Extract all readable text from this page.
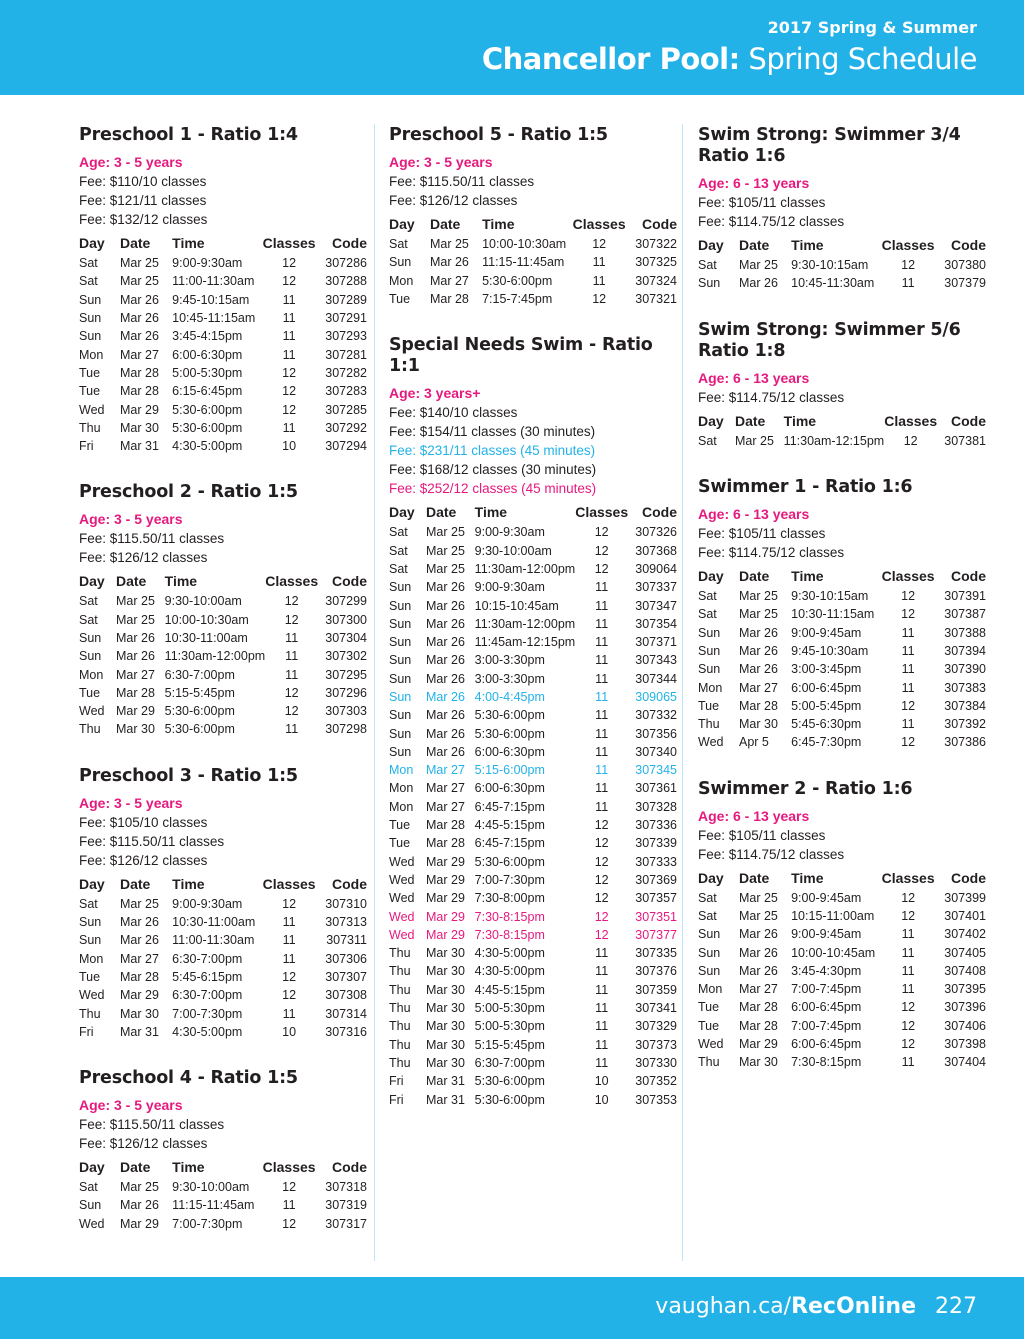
2017 Spring & Summer
Chancellor Pool: Spring Schedule
Preschool 1 - Ratio 1:4
Age: 3 - 5 years
Fee: $110/10 classes
Fee: $121/11 classes
Fee: $132/12 classes
Day	Date	Time	Classes	Code
Sat	Mar 25	9:00-9:30am	12	307286
Sat	Mar 25	11:00-11:30am	12	307288
Sun	Mar 26	9:45-10:15am	11	307289
Sun	Mar 26	10:45-11:15am	11	307291
Sun	Mar 26	3:45-4:15pm	11	307293
Mon	Mar 27	6:00-6:30pm	11	307281
Tue	Mar 28	5:00-5:30pm	12	307282
Tue	Mar 28	6:15-6:45pm	12	307283
Wed	Mar 29	5:30-6:00pm	12	307285
Thu	Mar 30	5:30-6:00pm	11	307292
Fri	Mar 31	4:30-5:00pm	10	307294
Preschool 2 - Ratio 1:5
Age: 3 - 5 years
Fee: $115.50/11 classes
Fee: $126/12 classes
Day	Date	Time	Classes	Code
Sat	Mar 25	9:30-10:00am	12	307299
Sat	Mar 25	10:00-10:30am	12	307300
Sun	Mar 26	10:30-11:00am	11	307304
Sun	Mar 26	11:30am-12:00pm	11	307302
Mon	Mar 27	6:30-7:00pm	11	307295
Tue	Mar 28	5:15-5:45pm	12	307296
Wed	Mar 29	5:30-6:00pm	12	307303
Thu	Mar 30	5:30-6:00pm	11	307298
Preschool 3 - Ratio 1:5
Age: 3 - 5 years
Fee: $105/10 classes
Fee: $115.50/11 classes
Fee: $126/12 classes
Day	Date	Time	Classes	Code
Sat	Mar 25	9:00-9:30am	12	307310
Sun	Mar 26	10:30-11:00am	11	307313
Sun	Mar 26	11:00-11:30am	11	307311
Mon	Mar 27	6:30-7:00pm	11	307306
Tue	Mar 28	5:45-6:15pm	12	307307
Wed	Mar 29	6:30-7:00pm	12	307308
Thu	Mar 30	7:00-7:30pm	11	307314
Fri	Mar 31	4:30-5:00pm	10	307316
Preschool 4 - Ratio 1:5
Age: 3 - 5 years
Fee: $115.50/11 classes
Fee: $126/12 classes
Day	Date	Time	Classes	Code
Sat	Mar 25	9:30-10:00am	12	307318
Sun	Mar 26	11:15-11:45am	11	307319
Wed	Mar 29	7:00-7:30pm	12	307317
Preschool 5 - Ratio 1:5
Age: 3 - 5 years
Fee: $115.50/11 classes
Fee: $126/12 classes
Day	Date	Time	Classes	Code
Sat	Mar 25	10:00-10:30am	12	307322
Sun	Mar 26	11:15-11:45am	11	307325
Mon	Mar 27	5:30-6:00pm	11	307324
Tue	Mar 28	7:15-7:45pm	12	307321
Special Needs Swim - Ratio 1:1
Age: 3 years+
Fee: $140/10 classes
Fee: $154/11 classes (30 minutes)
Fee: $231/11 classes (45 minutes)
Fee: $168/12 classes (30 minutes)
Fee: $252/12 classes (45 minutes)
Day	Date	Time	Classes	Code
Sat	Mar 25	9:00-9:30am	12	307326
Sat	Mar 25	9:30-10:00am	12	307368
Sat	Mar 25	11:30am-12:00pm	12	309064
Sun	Mar 26	9:00-9:30am	11	307337
Sun	Mar 26	10:15-10:45am	11	307347
Sun	Mar 26	11:30am-12:00pm	11	307354
Sun	Mar 26	11:45am-12:15pm	11	307371
Sun	Mar 26	3:00-3:30pm	11	307343
Sun	Mar 26	3:00-3:30pm	11	307344
Sun	Mar 26	4:00-4:45pm	11	309065
Sun	Mar 26	5:30-6:00pm	11	307332
Sun	Mar 26	5:30-6:00pm	11	307356
Sun	Mar 26	6:00-6:30pm	11	307340
Mon	Mar 27	5:15-6:00pm	11	307345
Mon	Mar 27	6:00-6:30pm	11	307361
Mon	Mar 27	6:45-7:15pm	11	307328
Tue	Mar 28	4:45-5:15pm	12	307336
Tue	Mar 28	6:45-7:15pm	12	307339
Wed	Mar 29	5:30-6:00pm	12	307333
Wed	Mar 29	7:00-7:30pm	12	307369
Wed	Mar 29	7:30-8:00pm	12	307357
Wed	Mar 29	7:30-8:15pm	12	307351
Wed	Mar 29	7:30-8:15pm	12	307377
Thu	Mar 30	4:30-5:00pm	11	307335
Thu	Mar 30	4:30-5:00pm	11	307376
Thu	Mar 30	4:45-5:15pm	11	307359
Thu	Mar 30	5:00-5:30pm	11	307341
Thu	Mar 30	5:00-5:30pm	11	307329
Thu	Mar 30	5:15-5:45pm	11	307373
Thu	Mar 30	6:30-7:00pm	11	307330
Fri	Mar 31	5:30-6:00pm	10	307352
Fri	Mar 31	5:30-6:00pm	10	307353
Swim Strong: Swimmer 3/4 Ratio 1:6
Age: 6 - 13 years
Fee: $105/11 classes
Fee: $114.75/12 classes
Day	Date	Time	Classes	Code
Sat	Mar 25	9:30-10:15am	12	307380
Sun	Mar 26	10:45-11:30am	11	307379
Swim Strong: Swimmer 5/6 Ratio 1:8
Age: 6 - 13 years
Fee: $114.75/12 classes
Day	Date	Time	Classes	Code
Sat	Mar 25	11:30am-12:15pm	12	307381
Swimmer 1 - Ratio 1:6
Age: 6 - 13 years
Fee: $105/11 classes
Fee: $114.75/12 classes
Day	Date	Time	Classes	Code
Sat	Mar 25	9:30-10:15am	12	307391
Sat	Mar 25	10:30-11:15am	12	307387
Sun	Mar 26	9:00-9:45am	11	307388
Sun	Mar 26	9:45-10:30am	11	307394
Sun	Mar 26	3:00-3:45pm	11	307390
Mon	Mar 27	6:00-6:45pm	11	307383
Tue	Mar 28	5:00-5:45pm	12	307384
Thu	Mar 30	5:45-6:30pm	11	307392
Wed	Apr 5	6:45-7:30pm	12	307386
Swimmer 2 - Ratio 1:6
Age: 6 - 13 years
Fee: $105/11 classes
Fee: $114.75/12 classes
Day	Date	Time	Classes	Code
Sat	Mar 25	9:00-9:45am	12	307399
Sat	Mar 25	10:15-11:00am	12	307401
Sun	Mar 26	9:00-9:45am	11	307402
Sun	Mar 26	10:00-10:45am	11	307405
Sun	Mar 26	3:45-4:30pm	11	307408
Mon	Mar 27	7:00-7:45pm	11	307395
Tue	Mar 28	6:00-6:45pm	12	307396
Tue	Mar 28	7:00-7:45pm	12	307406
Wed	Mar 29	6:00-6:45pm	12	307398
Thu	Mar 30	7:30-8:15pm	11	307404
vaughan.ca/RecOnline 227
